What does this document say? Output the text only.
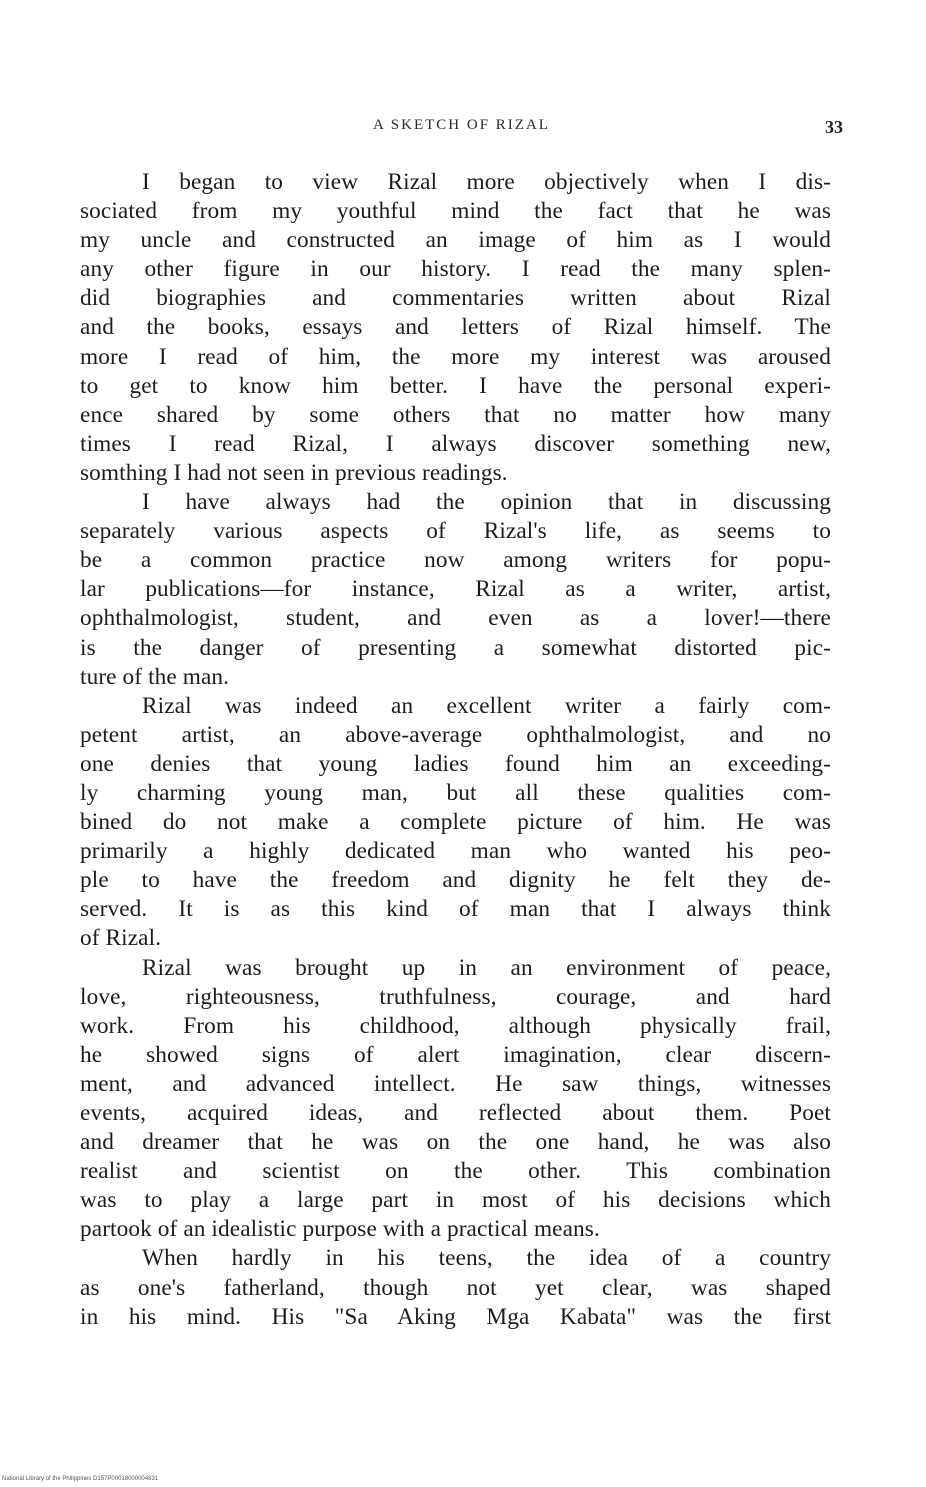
A SKETCH OF RIZAL	33
I began to view Rizal more objectively when I dis-
sociated from my youthful mind the fact that he was
my uncle and constructed an image of him as I would
any other figure in our history. I read the many splen-
did biographies and commentaries written about Rizal
and the books, essays and letters of Rizal himself. The
more I read of him, the more my interest was aroused
to get to know him better. I have the personal experi-
ence shared by some others that no matter how many
times I read Rizal, I always discover something new,
somthing I had not seen in previous readings.
I have always had the opinion that in discussing
separately various aspects of Rizal's life, as seems to
be a common practice now among writers for popu-
lar publications—for instance, Rizal as a writer, artist,
ophthalmologist, student, and even as a lover!—there
is the danger of presenting a somewhat distorted pic-
ture of the man.
Rizal was indeed an excellent writer a fairly com-
petent artist, an above-average ophthalmologist, and no
one denies that young ladies found him an exceeding-
ly charming young man, but all these qualities com-
bined do not make a complete picture of him. He was
primarily a highly dedicated man who wanted his peo-
ple to have the freedom and dignity he felt they de-
served. It is as this kind of man that I always think
of Rizal.
Rizal was brought up in an environment of peace,
love, righteousness, truthfulness, courage, and hard
work. From his childhood, although physically frail,
he showed signs of alert imagination, clear discern-
ment, and advanced intellect. He saw things, witnesses
events, acquired ideas, and reflected about them. Poet
and dreamer that he was on the one hand, he was also
realist and scientist on the other. This combination
was to play a large part in most of his decisions which
partook of an idealistic purpose with a practical means.
When hardly in his teens, the idea of a country
as one's fatherland, though not yet clear, was shaped
in his mind. His "Sa Aking Mga Kabata" was the first
National Library of the Philippines D157P00018000004831
